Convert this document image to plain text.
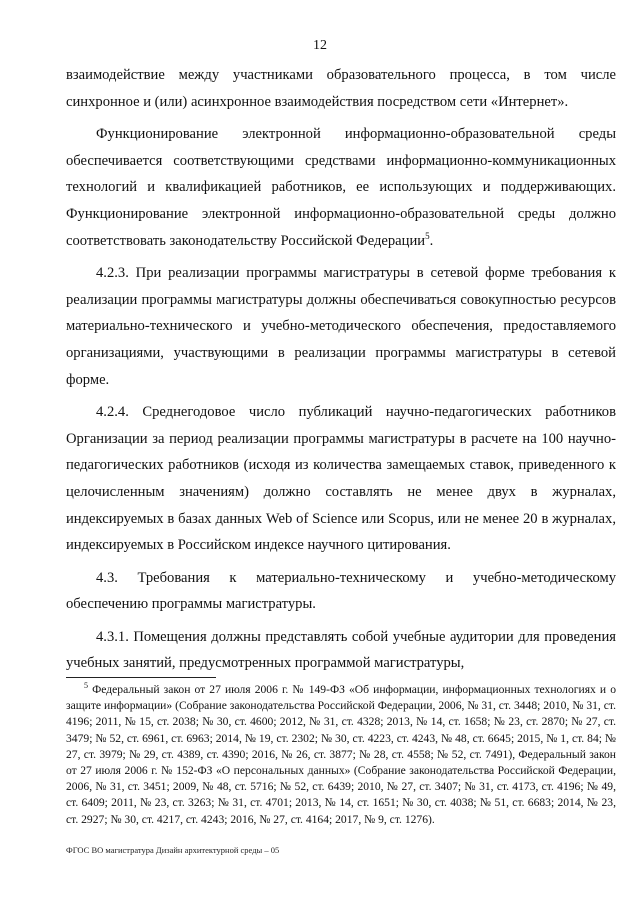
12

взаимодействие между участниками образовательного процесса, в том числе синхронное и (или) асинхронное взаимодействия посредством сети «Интернет».

Функционирование электронной информационно-образовательной среды обеспечивается соответствующими средствами информационно-коммуникационных технологий и квалификацией работников, ее использующих и поддерживающих. Функционирование электронной информационно-образовательной среды должно соответствовать законодательству Российской Федерации$^5$.

4.2.3. При реализации программы магистратуры в сетевой форме требования к реализации программы магистратуры должны обеспечиваться совокупностью ресурсов материально-технического и учебно-методического обеспечения, предоставляемого организациями, участвующими в реализации программы магистратуры в сетевой форме.

4.2.4. Среднегодовое число публикаций научно-педагогических работников Организации за период реализации программы магистратуры в расчете на 100 научно-педагогических работников (исходя из количества замещаемых ставок, приведенного к целочисленным значениям) должно составлять не менее двух в журналах, индексируемых в базах данных Web of Science или Scopus, или не менее 20 в журналах, индексируемых в Российском индексе научного цитирования.

4.3. Требования к материально-техническому и учебно-методическому обеспечению программы магистратуры.

4.3.1. Помещения должны представлять собой учебные аудитории для проведения учебных занятий, предусмотренных программой магистратуры,

$^5$ Федеральный закон от 27 июля 2006 г. № 149-ФЗ «Об информации, информационных технологиях и о защите информации» (Собрание законодательства Российской Федерации, 2006, № 31, ст. 3448; 2010, № 31, ст. 4196; 2011, № 15, ст. 2038; № 30, ст. 4600; 2012, № 31, ст. 4328; 2013, № 14, ст. 1658; № 23, ст. 2870; № 27, ст. 3479; № 52, ст. 6961, ст. 6963; 2014, № 19, ст. 2302; № 30, ст. 4223, ст. 4243, № 48, ст. 6645; 2015, № 1, ст. 84; № 27, ст. 3979; № 29, ст. 4389, ст. 4390; 2016, № 26, ст. 3877; № 28, ст. 4558; № 52, ст. 7491), Федеральный закон от 27 июля 2006 г. № 152-ФЗ «О персональных данных» (Собрание законодательства Российской Федерации, 2006, № 31, ст. 3451; 2009, № 48, ст. 5716; № 52, ст. 6439; 2010, № 27, ст. 3407; № 31, ст. 4173, ст. 4196; № 49, ст. 6409; 2011, № 23, ст. 3263; № 31, ст. 4701; 2013, № 14, ст. 1651; № 30, ст. 4038; № 51, ст. 6683; 2014, № 23, ст. 2927; № 30, ст. 4217, ст. 4243; 2016, № 27, ст. 4164; 2017, № 9, ст. 1276).
ФГОС ВО магистратура Дизайн архитектурной среды – 05
